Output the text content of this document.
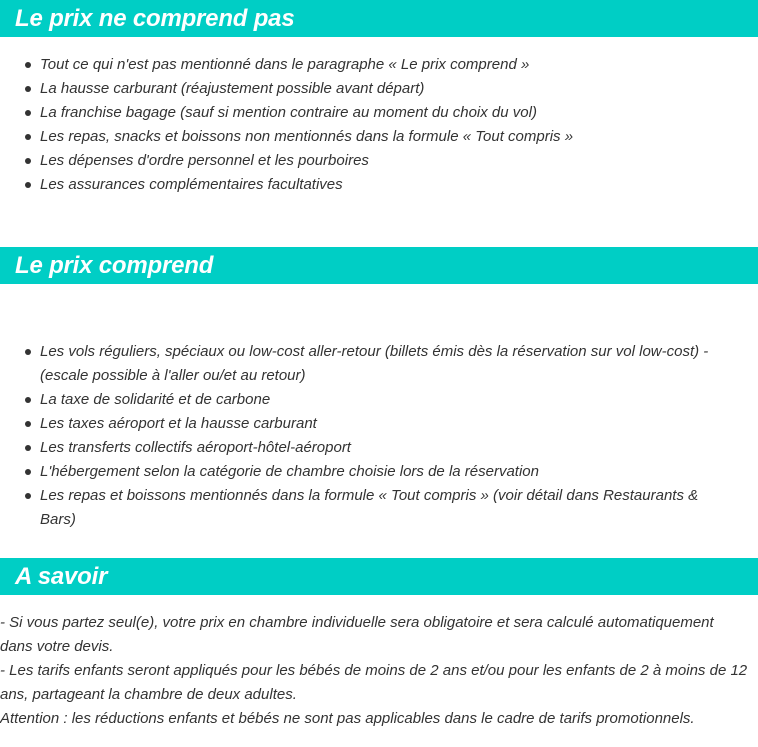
Le prix ne comprend pas
Tout ce qui n'est pas mentionné dans le paragraphe « Le prix comprend »
La hausse carburant (réajustement possible avant départ)
La franchise bagage (sauf si mention contraire au moment du choix du vol)
Les repas, snacks et boissons non mentionnés dans la formule « Tout compris »
Les dépenses d'ordre personnel et les pourboires
Les assurances complémentaires facultatives
Le prix comprend
Les vols réguliers, spéciaux ou low-cost aller-retour (billets émis dès la réservation sur vol low-cost) - (escale possible à l'aller ou/et au retour)
La taxe de solidarité et de carbone
Les taxes aéroport et la hausse carburant
Les transferts collectifs aéroport-hôtel-aéroport
L'hébergement selon la catégorie de chambre choisie lors de la réservation
Les repas et boissons mentionnés dans la formule « Tout compris » (voir détail dans Restaurants & Bars)
A savoir

- Si vous partez seul(e), votre prix en chambre individuelle sera obligatoire et sera calculé automatiquement dans votre devis.

- Les tarifs enfants seront appliqués pour les bébés de moins de 2 ans et/ou pour les enfants de 2 à moins de 12 ans, partageant la chambre de deux adultes.

Attention : les réductions enfants et bébés ne sont pas applicables dans le cadre de tarifs promotionnels.
